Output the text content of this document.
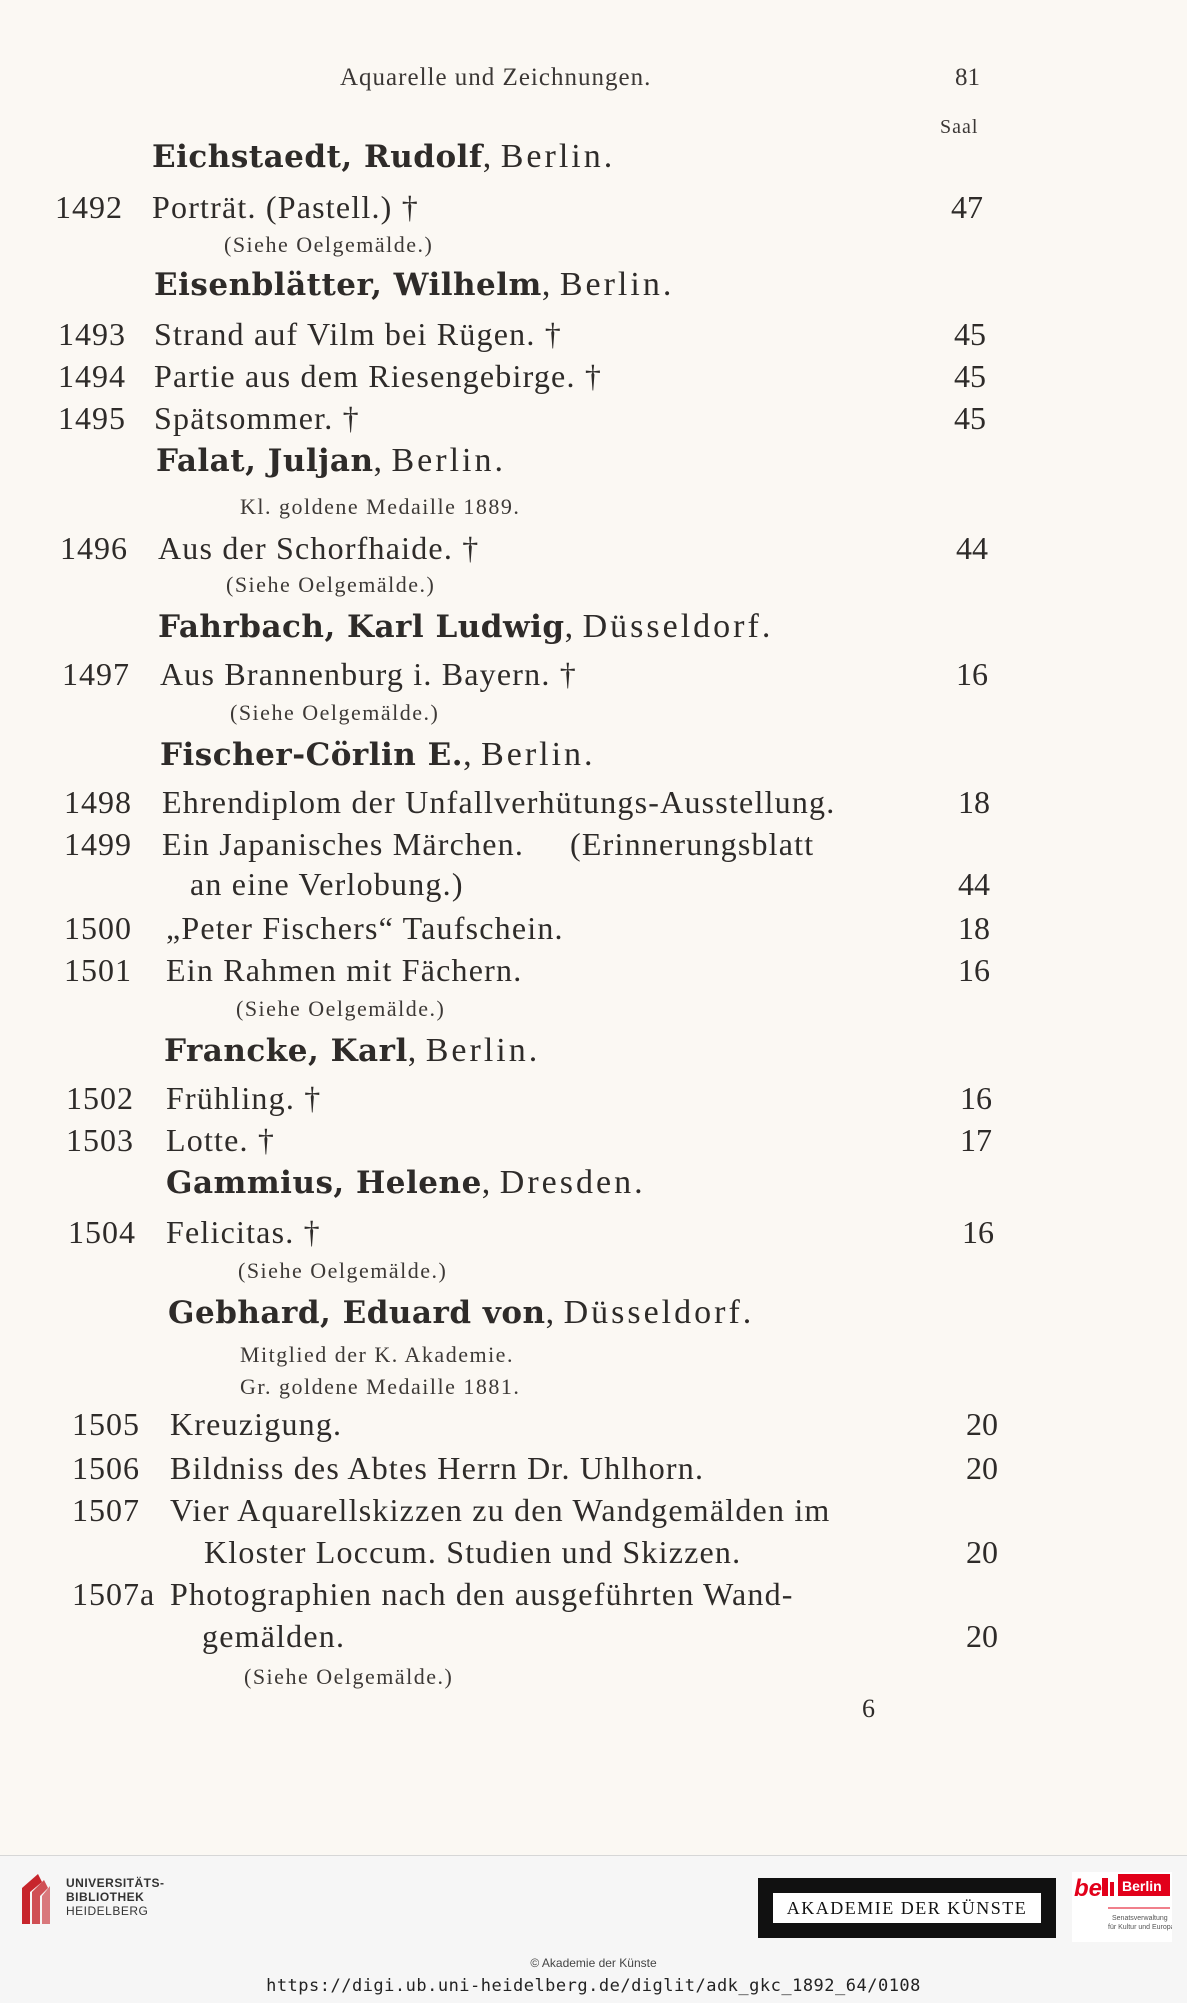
Aquarelle und Zeichnungen.	81
Saal
Eichstaedt, Rudolf, Berlin.
1492 Porträt. (Pastell.) †	47
(Siehe Oelgemälde.)
Eisenblätter, Wilhelm, Berlin.
1493 Strand auf Vilm bei Rügen. †	45
1494 Partie aus dem Riesengebirge. †	45
1495 Spätsommer. †	45
Falat, Juljan, Berlin.
Kl. goldene Medaille 1889.
1496 Aus der Schorfhaide. †	44
(Siehe Oelgemälde.)
Fahrbach, Karl Ludwig, Düsseldorf.
1497 Aus Brannenburg i. Bayern. †	16
(Siehe Oelgemälde.)
Fischer-Cörlin E., Berlin.
1498 Ehrendiplom der Unfallverhütungs-Ausstellung.	18
1499 Ein Japanisches Märchen.     (Erinnerungsblatt
an eine Verlobung.)	44
1500 „Peter Fischers“ Taufschein.	18
1501 Ein Rahmen mit Fächern.	16
(Siehe Oelgemälde.)
Francke, Karl, Berlin.
1502 Frühling. †	16
1503 Lotte. †	17
Gammius, Helene, Dresden.
1504 Felicitas. †	16
(Siehe Oelgemälde.)
Gebhard, Eduard von, Düsseldorf.
Mitglied der K. Akademie.
Gr. goldene Medaille 1881.
1505 Kreuzigung.	20
1506 Bildniss des Abtes Herrn Dr. Uhlhorn.	20
1507 Vier Aquarellskizzen zu den Wandgemälden im
Kloster Loccum. Studien und Skizzen.	20
1507a Photographien nach den ausgeführten Wand-
gemälden.	20
(Siehe Oelgemälde.)
6
UNIVERSITÄTS-
BIBLIOTHEK
HEIDELBERG	AKADEMIE DER KÜNSTE
be Berlin
Senatsverwaltung
für Kultur und Europa
© Akademie der Künste
https://digi.ub.uni-heidelberg.de/diglit/adk_gkc_1892_64/0108
